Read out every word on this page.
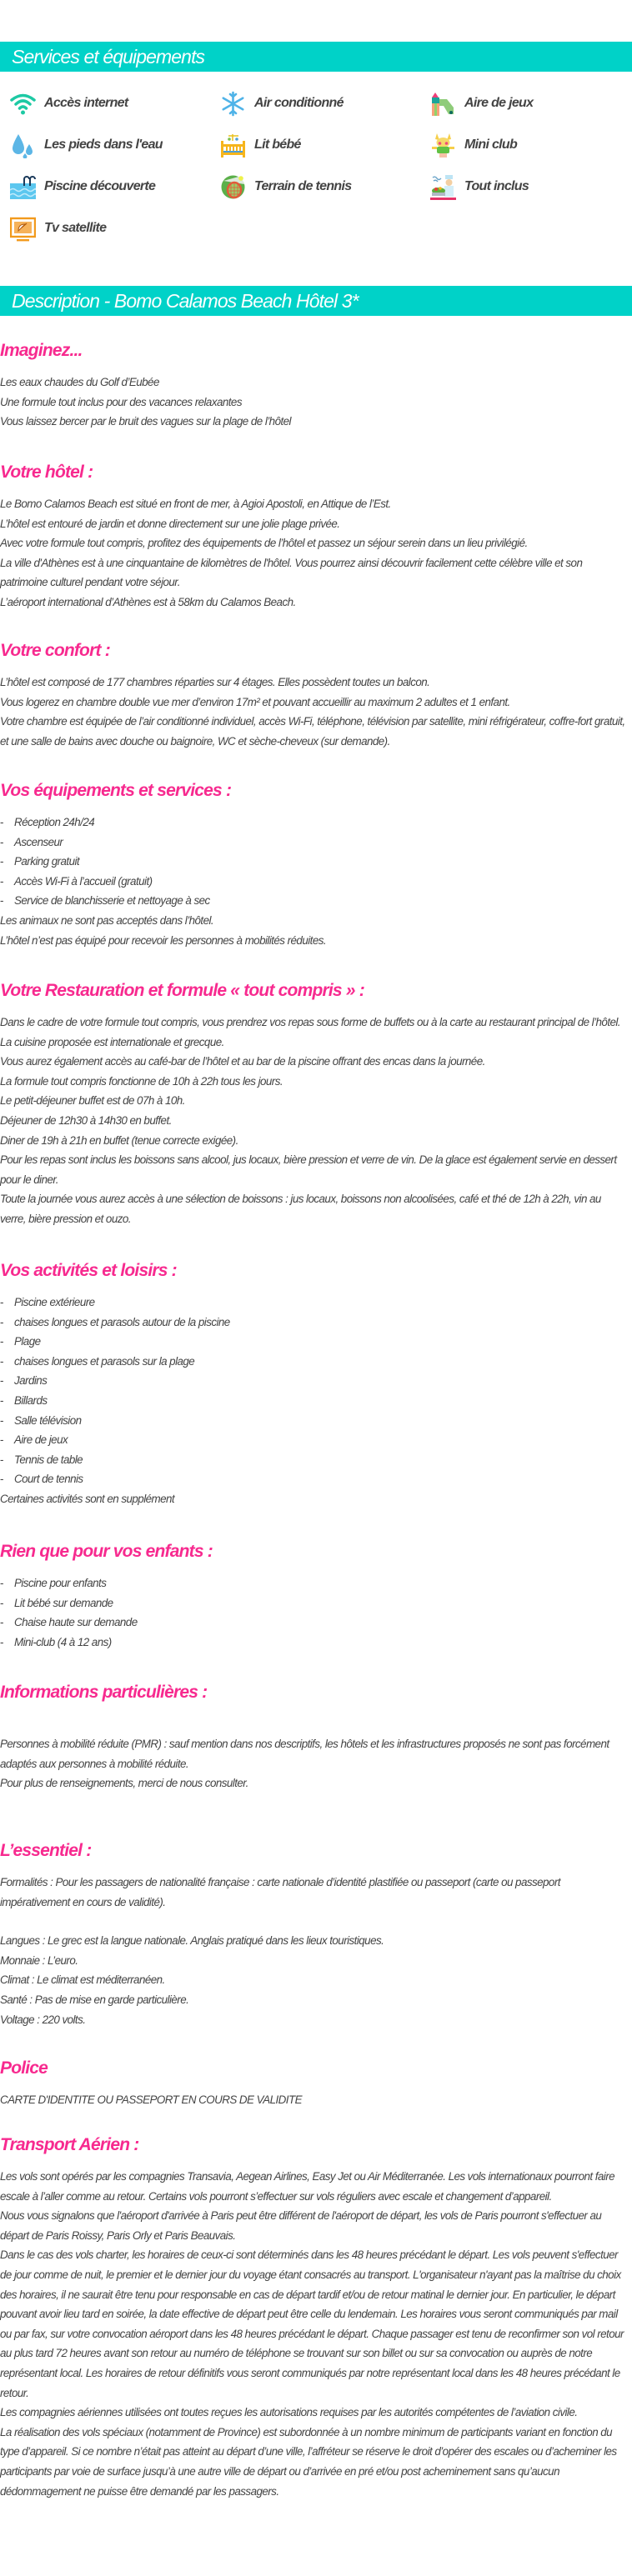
Services et équipements
Accès internet	Air conditionné	Aire de jeux
Les pieds dans l'eau	Lit bébé	Mini club
Piscine découverte	Terrain de tennis	Tout inclus
Tv satellite
Description - Bomo Calamos Beach Hôtel 3*
Imaginez...

Les eaux chaudes du Golf d’Eubée

Une formule tout inclus pour des vacances relaxantes

Vous laissez bercer par le bruit des vagues sur la plage de l’hôtel

Votre hôtel :

Le Bomo Calamos Beach est situé en front de mer, à Agioi Apostoli, en Attique de l’Est.

L’hôtel est entouré de jardin et donne directement sur une jolie plage privée.

Avec votre formule tout compris, profitez des équipements de l’hôtel et passez un séjour serein dans un lieu privilégié.

La ville d'Athènes est à une cinquantaine de kilomètres de l'hôtel. Vous pourrez ainsi découvrir facilement cette célèbre ville et son patrimoine culturel pendant votre séjour.

L’aéroport international d’Athènes est à 58km du Calamos Beach.

Votre confort :

L’hôtel est composé de 177 chambres réparties sur 4 étages. Elles possèdent toutes un balcon.

Vous logerez en chambre double vue mer d’environ 17m² et pouvant accueillir au maximum 2 adultes et 1 enfant.

Votre chambre est équipée de l’air conditionné individuel, accès Wi-Fi, téléphone, télévision par satellite, mini réfrigérateur, coffre-fort gratuit, et une salle de bains avec douche ou baignoire, WC et sèche-cheveux (sur demande).

Vos équipements et services :
- Réception 24h/24
- Ascenseur
- Parking gratuit
- Accès Wi-Fi à l’accueil (gratuit)
- Service de blanchisserie et nettoyage à sec

Les animaux ne sont pas acceptés dans l’hôtel.

L’hôtel n’est pas équipé pour recevoir les personnes à mobilités réduites.

Votre Restauration et formule « tout compris » :

Dans le cadre de votre formule tout compris, vous prendrez vos repas sous forme de buffets ou à la carte au restaurant principal de l’hôtel. La cuisine proposée est internationale et grecque.

Vous aurez également accès au café-bar de l’hôtel et au bar de la piscine offrant des encas dans la journée.

La formule tout compris fonctionne de 10h à 22h tous les jours.

Le petit-déjeuner buffet est de 07h à 10h.

Déjeuner de 12h30 à 14h30 en buffet.

Diner de 19h à 21h en buffet (tenue correcte exigée).

Pour les repas sont inclus les boissons sans alcool, jus locaux, bière pression et verre de vin. De la glace est également servie en dessert pour le diner.

Toute la journée vous aurez accès à une sélection de boissons : jus locaux, boissons non alcoolisées, café et thé de 12h à 22h, vin au verre, bière pression et ouzo.

Vos activités et loisirs :
- Piscine extérieure
- chaises longues et parasols autour de la piscine
- Plage
- chaises longues et parasols sur la plage
- Jardins
- Billards
- Salle télévision
- Aire de jeux
- Tennis de table
- Court de tennis

Certaines activités sont en supplément

Rien que pour vos enfants :
- Piscine pour enfants
- Lit bébé sur demande
- Chaise haute sur demande
- Mini-club (4 à 12 ans)
Informations particulières :

Personnes à mobilité réduite (PMR) : sauf mention dans nos descriptifs, les hôtels et les infrastructures proposés ne sont pas forcément adaptés aux personnes à mobilité réduite.

Pour plus de renseignements, merci de nous consulter.

L’essentiel :

Formalités : Pour les passagers de nationalité française : carte nationale d’identité plastifiée ou passeport (carte ou passeport impérativement en cours de validité).

Langues : Le grec est la langue nationale. Anglais pratiqué dans les lieux touristiques.

Monnaie : L’euro.

Climat : Le climat est méditerranéen.

Santé : Pas de mise en garde particulière.

Voltage : 220 volts.

Police

CARTE D'IDENTITE OU PASSEPORT EN COURS DE VALIDITE

Transport Aérien :

Les vols sont opérés par les compagnies Transavia, Aegean Airlines, Easy Jet ou Air Méditerranée. Les vols internationaux pourront faire escale à l’aller comme au retour. Certains vols pourront s’effectuer sur vols réguliers avec escale et changement d’appareil.

Nous vous signalons que l'aéroport d'arrivée à Paris peut être différent de l'aéroport de départ, les vols de Paris pourront s'effectuer au départ de Paris Roissy, Paris Orly et Paris Beauvais.

Dans le cas des vols charter, les horaires de ceux-ci sont déterminés dans les 48 heures précédant le départ. Les vols peuvent s'effectuer de jour comme de nuit, le premier et le dernier jour du voyage étant consacrés au transport. L'organisateur n'ayant pas la maîtrise du choix des horaires, il ne saurait être tenu pour responsable en cas de départ tardif et/ou de retour matinal le dernier jour. En particulier, le départ pouvant avoir lieu tard en soirée, la date effective de départ peut être celle du lendemain. Les horaires vous seront communiqués par mail ou par fax, sur votre convocation aéroport dans les 48 heures précédant le départ. Chaque passager est tenu de reconfirmer son vol retour au plus tard 72 heures avant son retour au numéro de téléphone se trouvant sur son billet ou sur sa convocation ou auprès de notre représentant local. Les horaires de retour définitifs vous seront communiqués par notre représentant local dans les 48 heures précédant le retour.

Les compagnies aériennes utilisées ont toutes reçues les autorisations requises par les autorités compétentes de l’aviation civile.

La réalisation des vols spéciaux (notamment de Province) est subordonnée à un nombre minimum de participants variant en fonction du type d’appareil. Si ce nombre n’était pas atteint au départ d’une ville, l’affréteur se réserve le droit d’opérer des escales ou d’acheminer les participants par voie de surface jusqu’à une autre ville de départ ou d’arrivée en pré et/ou post acheminement sans qu’aucun dédommagement ne puisse être demandé par les passagers.
